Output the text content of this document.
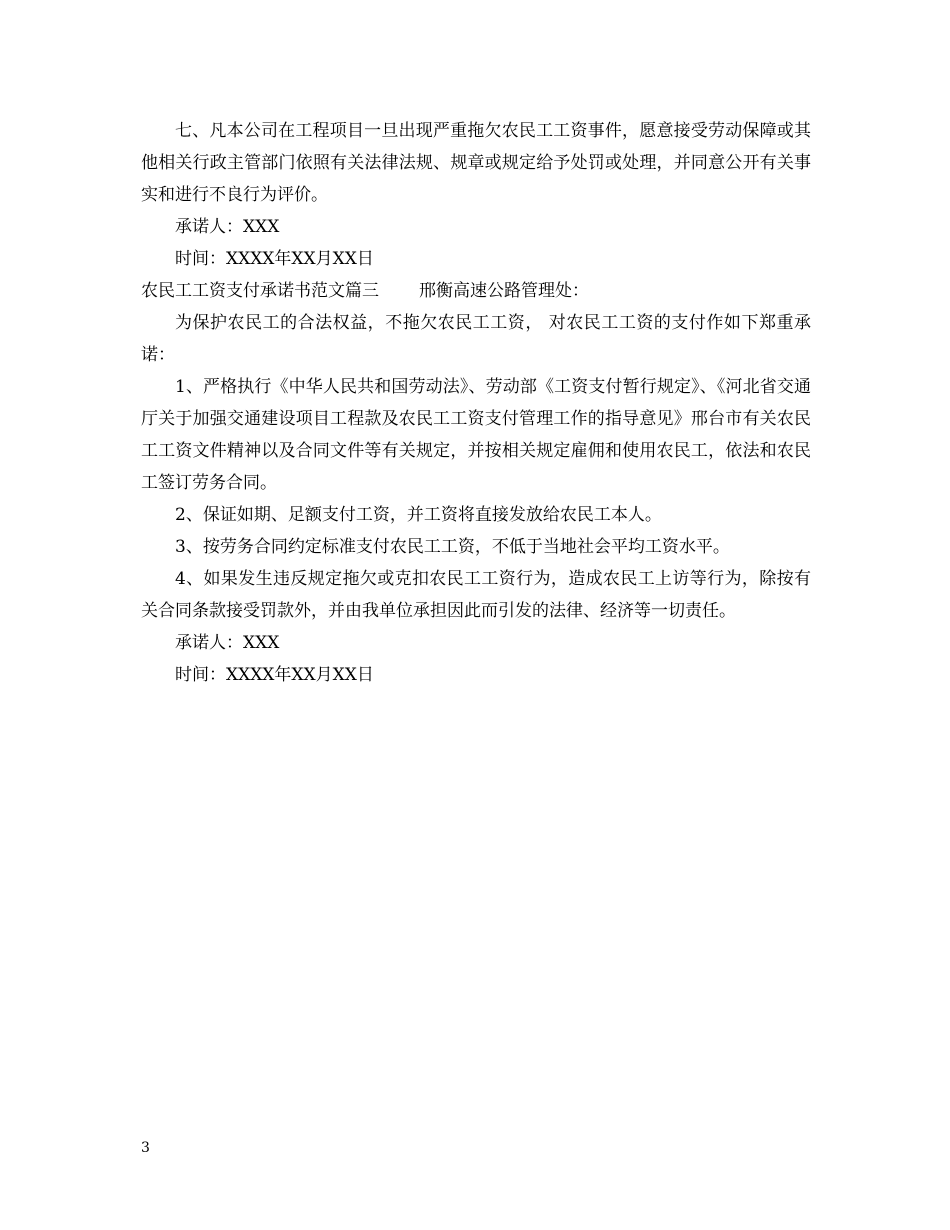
七、凡本公司在工程项目一旦出现严重拖欠农民工工资事件，愿意接受劳动保障或其他相关行政主管部门依照有关法律法规、规章或规定给予处罚或处理，并同意公开有关事实和进行不良行为评价。

承诺人：XXX

时间：XXXX年XX月XX日

农民工工资支付承诺书范文篇三 邢衡高速公路管理处：

为保护农民工的合法权益，不拖欠农民工工资， 对农民工工资的支付作如下郑重承诺：

1、严格执行《中华人民共和国劳动法》、劳动部《工资支付暂行规定》、《河北省交通厅关于加强交通建设项目工程款及农民工工资支付管理工作的指导意见》邢台市有关农民工工资文件精神以及合同文件等有关规定，并按相关规定雇佣和使用农民工，依法和农民工签订劳务合同。

2、保证如期、足额支付工资，并工资将直接发放给农民工本人。

3、按劳务合同约定标准支付农民工工资，不低于当地社会平均工资水平。

4、如果发生违反规定拖欠或克扣农民工工资行为，造成农民工上访等行为，除按有关合同条款接受罚款外，并由我单位承担因此而引发的法律、经济等一切责任。

承诺人：XXX

时间：XXXX年XX月XX日

3
